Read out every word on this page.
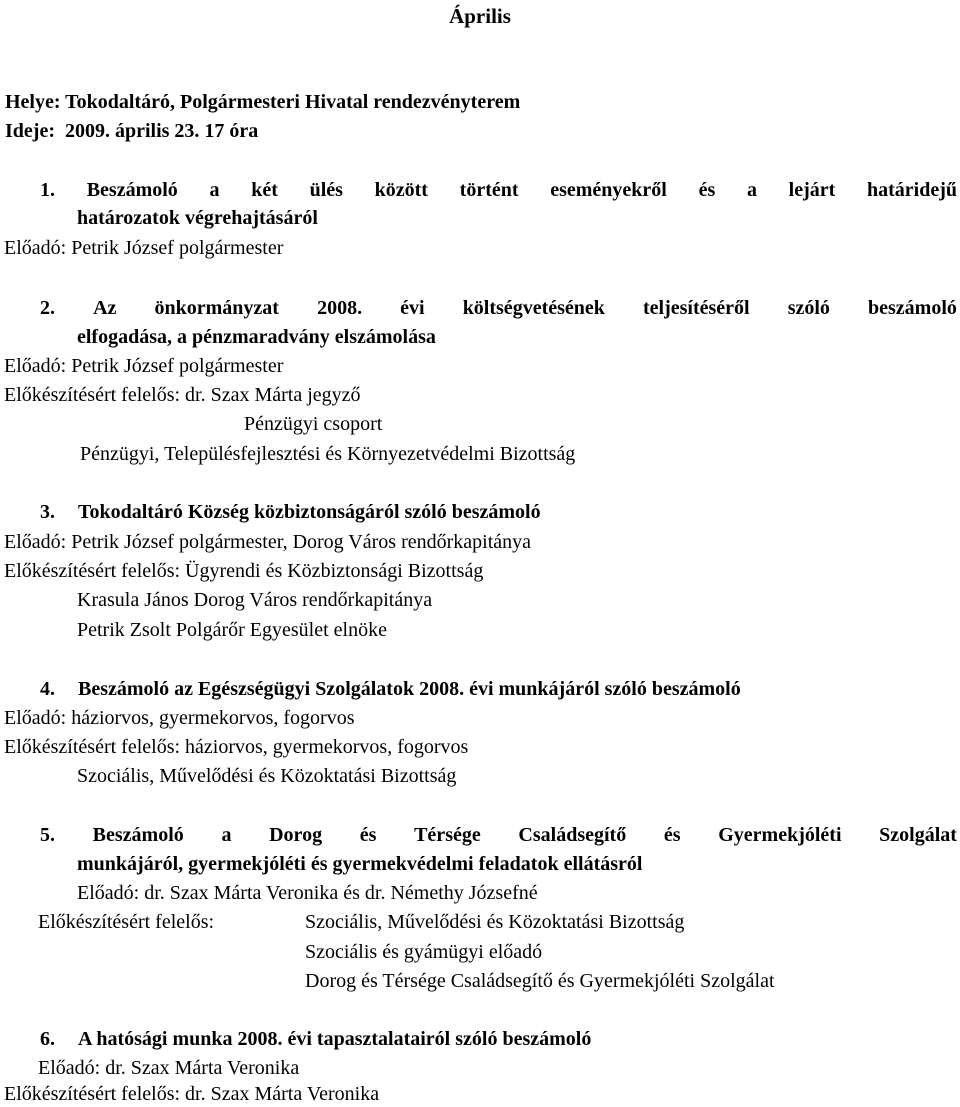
Április

Helye: Tokodaltáró, Polgármesteri Hivatal rendezvényterem

Ideje:  2009. április 23. 17 óra

1. Beszámoló a két ülés között történt eseményekről és a lejárt határidejű

határozatok végrehajtásáról

Előadó: Petrik József polgármester

2. Az önkormányzat 2008. évi költségvetésének teljesítéséről szóló beszámoló

elfogadása, a pénzmaradvány elszámolása

Előadó: Petrik József polgármester

Előkészítésért felelős: dr. Szax Márta jegyző

Pénzügyi csoport

Pénzügyi, Településfejlesztési és Környezetvédelmi Bizottság

3. Tokodaltáró Község közbiztonságáról szóló beszámoló

Előadó: Petrik József polgármester, Dorog Város rendőrkapitánya

Előkészítésért felelős: Ügyrendi és Közbiztonsági Bizottság

Krasula János Dorog Város rendőrkapitánya

Petrik Zsolt Polgárőr Egyesület elnöke

4. Beszámoló az Egészségügyi Szolgálatok 2008. évi munkájáról szóló beszámoló

Előadó: háziorvos, gyermekorvos, fogorvos

Előkészítésért felelős: háziorvos, gyermekorvos, fogorvos

Szociális, Művelődési és Közoktatási Bizottság

5. Beszámoló a Dorog és Térsége Családsegítő és Gyermekjóléti Szolgálat

munkájáról, gyermekjóléti és gyermekvédelmi feladatok ellátásról

Előadó: dr. Szax Márta Veronika és dr. Némethy Józsefné

Előkészítésért felelős:	Szociális, Művelődési és Közoktatási Bizottság

Szociális és gyámügyi előadó

Dorog és Térsége Családsegítő és Gyermekjóléti Szolgálat

6. A hatósági munka 2008. évi tapasztalatairól szóló beszámoló

Előadó: dr. Szax Márta Veronika

Előkészítésért felelős: dr. Szax Márta Veronika
